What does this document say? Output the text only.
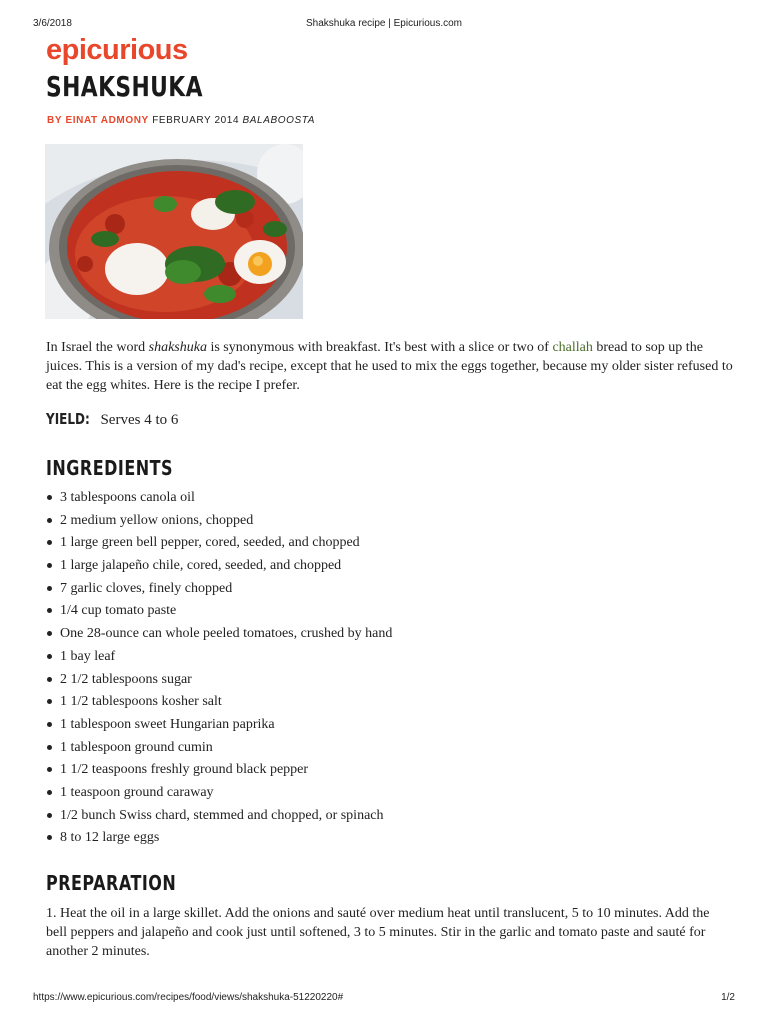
3/6/2018	Shakshuka recipe | Epicurious.com
epicurious
SHAKSHUKA
BY EINAT ADMONY FEBRUARY 2014 BALABOOSTA

In Israel the word shakshuka is synonymous with breakfast. It's best with a slice or two of challah bread to sop up the juices. This is a version of my dad's recipe, except that he used to mix the eggs together, because my older sister refused to eat the egg whites. Here is the recipe I prefer.

YIELD: Serves 4 to 6
INGREDIENTS
3 tablespoons canola oil
2 medium yellow onions, chopped
1 large green bell pepper, cored, seeded, and chopped
1 large jalapeño chile, cored, seeded, and chopped
7 garlic cloves, finely chopped
1/4 cup tomato paste
One 28-ounce can whole peeled tomatoes, crushed by hand
1 bay leaf
2 1/2 tablespoons sugar
1 1/2 tablespoons kosher salt
1 tablespoon sweet Hungarian paprika
1 tablespoon ground cumin
1 1/2 teaspoons freshly ground black pepper
1 teaspoon ground caraway
1/2 bunch Swiss chard, stemmed and chopped, or spinach
8 to 12 large eggs
PREPARATION

1. Heat the oil in a large skillet. Add the onions and sauté over medium heat until translucent, 5 to 10 minutes. Add the bell peppers and jalapeño and cook just until softened, 3 to 5 minutes. Stir in the garlic and tomato paste and sauté for another 2 minutes.

https://www.epicurious.com/recipes/food/views/shakshuka-51220220#	1/2
